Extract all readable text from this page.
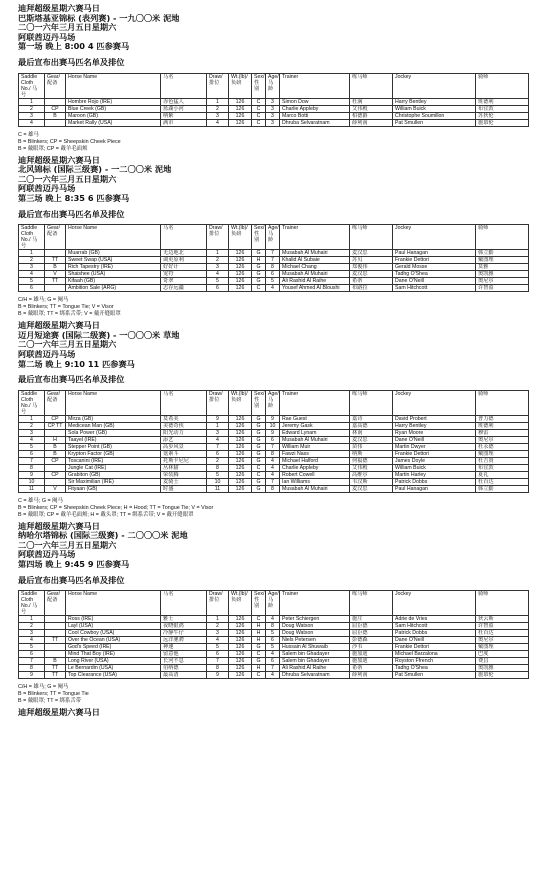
迪拜超级星期六赛马日
巴斯塔基亚锦标 (表列赛) - 一九〇〇米 泥地
二〇一六年三月五日星期六
阿联酋迈丹马场
第一场 晚上 8:00 4 匹参赛马
最后宣布出赛马匹名单及排位
Saddle Cloth No./ 马号	Gear/ 配备	Horse Name	马名	Draw/ 排位	Wt.(lb)/ 负磅	Sex/ 性别	Age/ 马龄	Trainer	练马师	Jockey	骑师
1		Hombre Rojo (IRE)	赤色猛人	1	126	C	3	Simon Dow	杜满	Harry Bentley	班德利
2	CP	Blue Creek (GB)	蓝湖小河	2	126	C	3	Charlie Appleby	艾伟殿	William Buick	布宜敦
3	B	Maroon (GB)	纳紫	3	126	C	3	Marco Botti	柏德爵	Christophe Soumillon	苏狄伦
4		Market Rally (USA)	满市	4	126	C	3	Dhruba Selvaratnam	薛利南	Pat Smullen	施慕伦
C = 雄马
B = Blinkers; CP = Sheepskin Cheek Piece
B = 戴眼罩; CP = 戴羊毛面颊
迪拜超级星期六赛马日
北风锦标 (国际三级赛) - 一二〇〇米 泥地
二〇一六年三月五日星期六
阿联酋迈丹马场
第三场 晚上 8:35 6 匹参赛马
最后宣布出赛马匹名单及排位
Saddle Cloth No./ 马号	Gear/ 配备	Horse Name	马名	Draw/ 排位	Wt.(lb)/ 负磅	Sex/ 性别	Age/ 马龄	Trainer	练马师	Jockey	骑师
1		Muarrab (GB)	无边地北	1	126	G	7	Musabah Al Muhairi	麦汉思	Paul Hanagan	韩立勤
2	TT	Sweet Swap (USA)	调更原利	2	126	H	7	Khalid Al Subaie	苏贝	Frankie Dettori	戴图理
3	B	Rich Tapestry (IRE)	好好计	3	126	G	8	Michael Chang	郑俊伟	Gerald Mosse	莫雅
4	V	Shaishee (USA)	宠符	4	126	G	6	Musabah Al Muhairi	麦汉思	Tadhg O'Shea	奥凯雅
5	TT	Kifaah (GB)	奇翠	5	126	G	5	Ali Rashid Al Raihe	希蒂	Dane O'Neill	奥尼尔
6		Ambition Sale (ARG)	志存远疆	6	126	C	4	Yousef Ahmed Al Bloushi	布路拉	Sam Hitchcott	许智盈
C/H = 雄马; G = 阉马
B = Blinkers; TT = Tongue Tie; V = Visor
B = 戴眼罩; TT = 绑系舌带; V = 戴开缝眼罩
迪拜超级星期六赛马日
迈月短途赛 (国际二级赛) - 一〇〇〇米 草地
二〇一六年三月五日星期六
阿联酋迈丹马场
第二场 晚上 9:10 11 匹参赛马
最后宣布出赛马匹名单及排位
Saddle Cloth No./ 马号	Gear/ 配备	Horse Name	马名	Draw/ 排位	Wt.(lb)/ 负磅	Sex/ 性别	Age/ 马龄	Trainer	练马师	Jockey	骑师
1	CP	Mirza (GB)	莫希美	9	126	G	9	Rae Guest	嘉诗	David Probert	普力德
2	CP TT	Medicean Man (GB)	美德奇侠	1	126	G	10	Jeremy Gask	嘉高德	Harry Bentley	班德利
3		Sola Power (GB)	阳光动力	3	126	G	9	Edward Lynam	林南	Ryan Moore	穆雷
4	H	Taayel (IRE)	添艺	4	126	G	6	Musabah Al Muhairi	麦汉思	Dane O'Neill	奥尼尔
5	B	Stepper Point (GB)	高步风景	7	126	G	7	William Muir	苗伟	Martin Dwyer	杜永德
6	B	Krypton Factor (GB)	氪素斗	6	126	G	8	Fawzi Nass	纳斯	Frankie Dettori	戴图理
7	CP	Toscanini (IRE)	托斯卡尼尼	2	126	G	4	Michael Halford	何福德	James Doyle	杜吉贤
8		Jungle Cat (IRE)	丛林猫	8	126	C	4	Charlie Appleby	艾伟殿	William Buick	布宜敦
9	CP	Grabiton (GB)	荣装腾	5	126	C	4	Robert Cowell	高维尔	Martin Harley	夏礼
10		Sir Maximilian (IRE)	麦骑士	10	126	G	7	Ian Williams	韦汉斯	Patrick Dobbs	杜百达
11	V	Fityaan (GB)	时盛	11	126	G	8	Musabah Al Muhairi	麦汉思	Paul Hanagan	韩立勤
C = 雄马; G = 阉马
B = Blinkers; CP = Sheepskin Cheek Piece; H = Hood; TT = Tongue Tie; V = Visor
B = 戴眼罩; CP = 戴羊毛面颊; H = 戴头罩; TT = 绑系舌带; V = 戴开缝眼罩
迪拜超级星期六赛马日
纳哈尔塔锦标 (国际三级赛) - 二〇〇〇米 泥地
二〇一六年三月五日星期六
阿联酋迈丹马场
第四场 晚上 9:45 9 匹参赛马
最后宣布出赛马匹名单及排位
Saddle Cloth No./ 马号	Gear/ 配备	Horse Name	马名	Draw/ 排位	Wt.(lb)/ 负磅	Sex/ 性别	Age/ 马龄	Trainer	练马师	Jockey	骑师
1		Ross (IRE)	雅士	1	126	C	4	Peter Schiergen	施庄	Adrie de Vries	狄云斯
2		Layl (USA)	夜晓银鸿	2	126	H	8	Doug Watson	屈臣德	Sam Hitchcott	许智盈
3		Cool Cowboy (USA)	冷静牛仔	3	126	H	5	Doug Watson	屈臣德	Patrick Dobbs	杜百达
4	TT	Over the Ocean (USA)	远洋驰骋	4	126	H	6	Niels Petersen	彭德森	Dane O'Neill	奥尼尔
5		God's Speed (IRE)	神速	5	126	G	5	Hussain Al Shuwaib	沙韦	Frankie Dettori	戴图理
6		Mind That Boy (IRE)	留意他	6	126	C	4	Salem bin Ghadayer	施加迪	Michael Barzalona	巴度
7	B	Long River (USA)	长河不息	7	126	G	6	Salem bin Ghadayer	施加迪	Royston Ffrench	费昌
8	TT	Le Bernardin (USA)	伯纳德	8	126	H	7	Ali Rashid Al Raihe	希蒂	Tadhg O'Shea	奥凯雅
9	TT	Top Clearance (USA)	最高清	9	126	C	4	Dhruba Selvaratnam	薛利南	Pat Smullen	施慕伦
C/H = 雄马; G = 阉马
B = Blinkers; TT = Tongue Tie
B = 戴眼罩; TT = 绑系舌带
迪拜超级星期六赛马日
